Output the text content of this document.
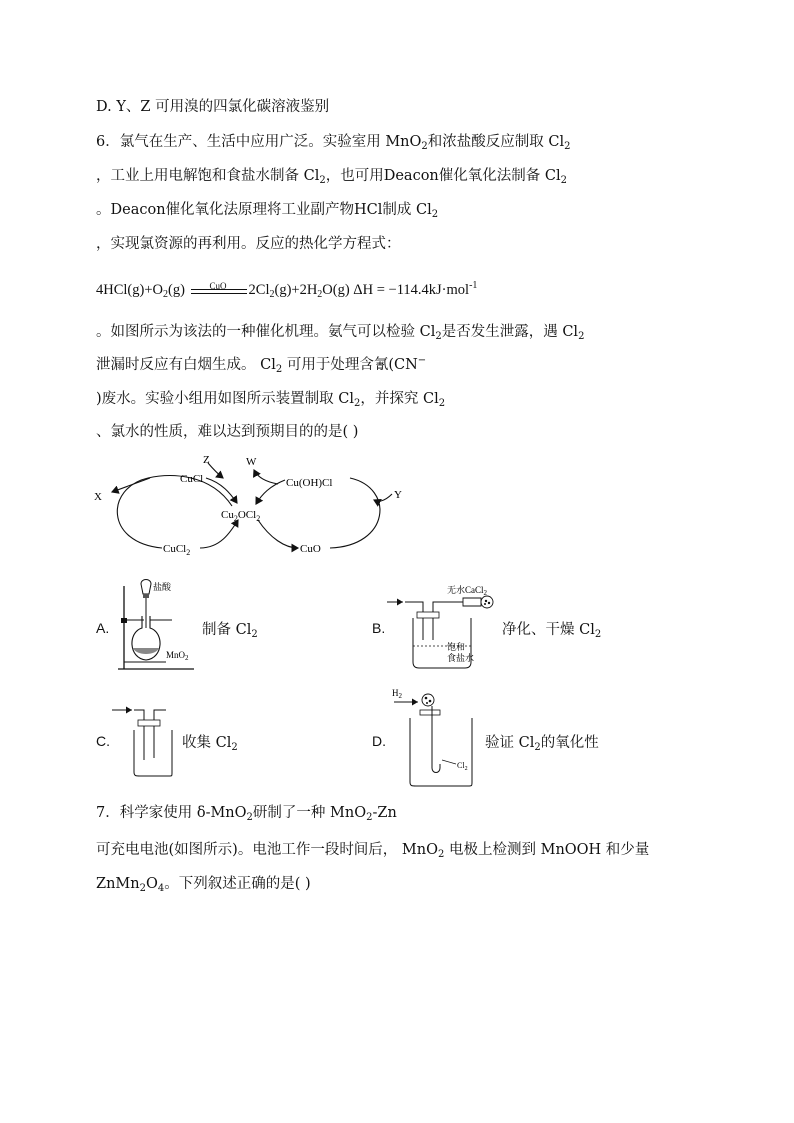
D. Y、Z 可用溴的四氯化碳溶液鉴别
6．氯气在生产、生活中应用广泛。实验室用 MnO$_2$和浓盐酸反应制取 $Cl_2$
，工业上用电解饱和食盐水制备 $Cl_2$，也可用Deacon催化氧化法制备 $Cl_2$
。Deacon催化氧化法原理将工业副产物HCl制成 $Cl_2$
，实现氯资源的再利用。反应的热化学方程式：
$4HCl(g)+O_2(g)$	CuO $2Cl_2(g)+2H_2O(g) \Delta H = -114.4kJ\cdot mol^{-1}$
。如图所示为该法的一种催化机理。氨气可以检验 $Cl_2$是否发生泄露，遇 $Cl_2$
泄漏时反应有白烟生成。 $Cl_2$ 可用于处理含氰(CN−
)废水。实验小组用如图所示装置制取 $Cl_2$，并探究 $Cl_2$
、氯水的性质，难以达到预期目的的是( )
X	Y
Z	W
CuCl	Cu(OH)Cl
$Cu_2OCl_2$
CuCl$_2$	CuO
A.
盐酸
MnO$_2$
制备 $Cl_2$	B.
无水CaCl$_2$
饱和
食盐水
净化、干燥 $Cl_2$
C.	收集 $Cl_2$	D.
$H_2$
$Cl_2$
验证 $Cl_2$的氧化性
7．科学家使用 δ-MnO$_2$研制了一种 MnO$_2$-Zn
可充电电池(如图所示)。电池工作一段时间后， MnO$_2$ 电极上检测到 MnOOH 和少量
$ZnMn_2O_4$。下列叙述正确的是( )
